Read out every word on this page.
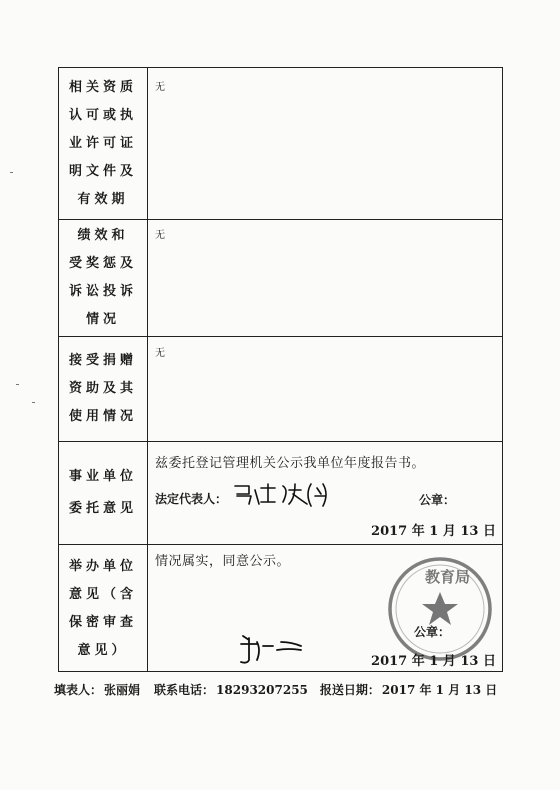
相关资质
认可或执
业许可证
明文件及
有效期
无
绩效和
受奖惩及
诉讼投诉
情况
无
接受捐赠
资助及其
使用情况
无
事业单位
委托意见
兹委托登记管理机关公示我单位年度报告书。
法定代表人：	公章：
2017 年 1 月 13 日
举办单位
意见（含
保密审查
意见）
情况属实，同意公示。
教育局
公章：
2017 年 1 月 13 日
填表人： 张丽娟 联系电话： 18293207255 报送日期： 2017 年 1 月 13 日
